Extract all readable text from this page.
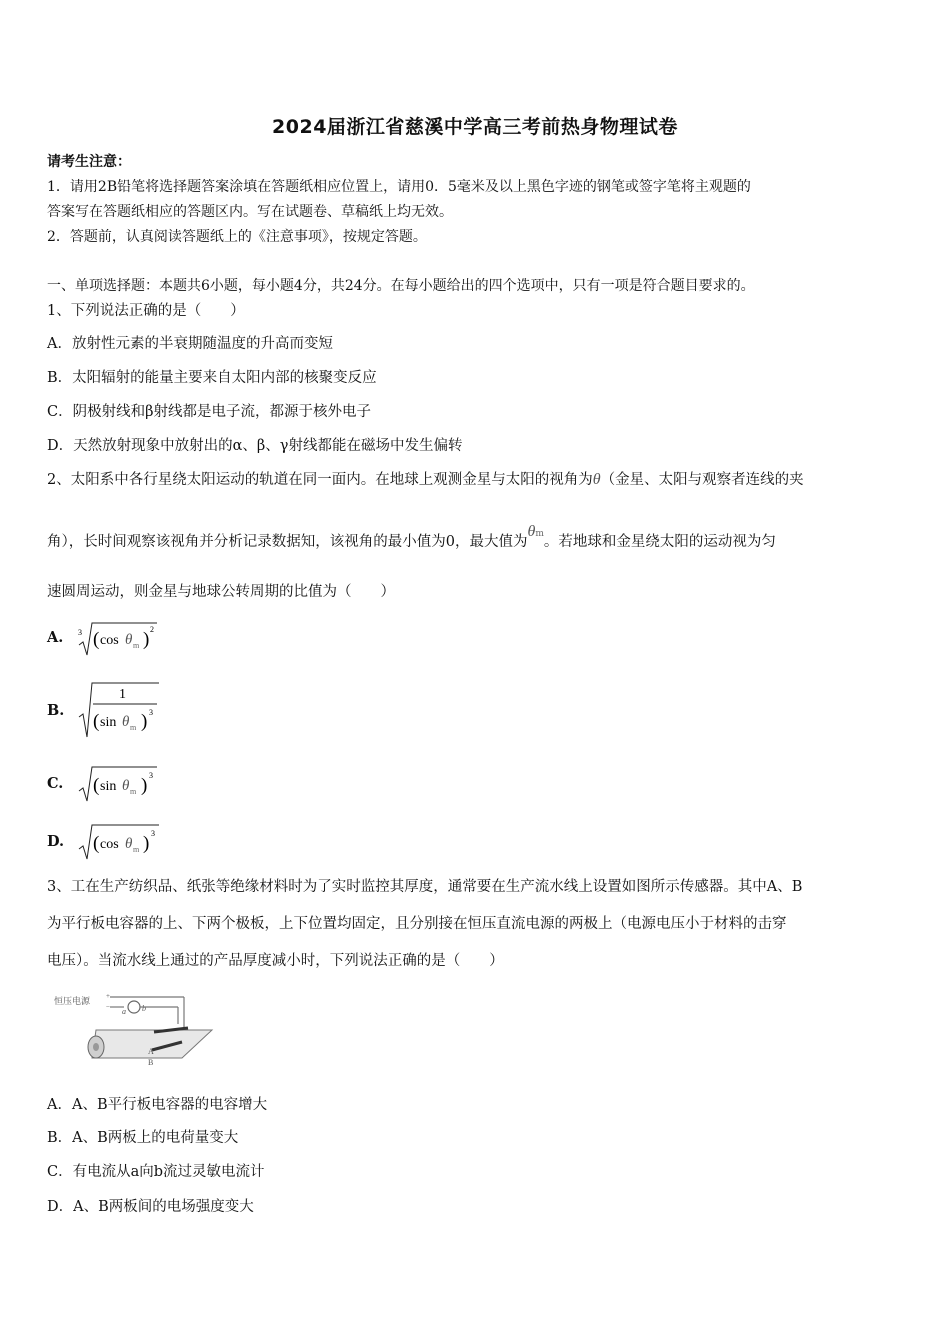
2024届浙江省慈溪中学高三考前热身物理试卷
请考生注意：
1．请用2B铅笔将选择题答案涂填在答题纸相应位置上，请用0．5毫米及以上黑色字迹的钢笔或签字笔将主观题的
答案写在答题纸相应的答题区内。写在试题卷、草稿纸上均无效。
2．答题前，认真阅读答题纸上的《注意事项》，按规定答题。
一、单项选择题：本题共6小题，每小题4分，共24分。在每小题给出的四个选项中，只有一项是符合题目要求的。
1、下列说法正确的是（　　）
A．放射性元素的半衰期随温度的升高而变短
B．太阳辐射的能量主要来自太阳内部的核聚变反应
C．阴极射线和β射线都是电子流，都源于核外电子
D．天然放射现象中放射出的α、β、γ射线都能在磁场中发生偏转
2、太阳系中各行星绕太阳运动的轨道在同一面内。在地球上观测金星与太阳的视角为θ（金星、太阳与观察者连线的夹
角），长时间观察该视角并分析记录数据知，该视角的最小值为0，最大值为θm。若地球和金星绕太阳的运动视为匀
速圆周运动，则金星与地球公转周期的比值为（　　）
A.	3 ( cos θ m ) 2
B.
1
( sin θ m ) 3
C.	( sin θ m ) 3
D.	( cos θ m ) 3
3、工在生产纺织品、纸张等绝缘材料时为了实时监控其厚度，通常要在生产流水线上设置如图所示传感器。其中A、B
为平行板电容器的上、下两个极板，上下位置均固定，且分别接在恒压直流电源的两极上（电源电压小于材料的击穿
电压）。当流水线上通过的产品厚度减小时，下列说法正确的是（　　）
恒压电源 +
− a b
A
B
A．A、B平行板电容器的电容增大
B．A、B两板上的电荷量变大
C．有电流从a向b流过灵敏电流计
D．A、B两板间的电场强度变大
